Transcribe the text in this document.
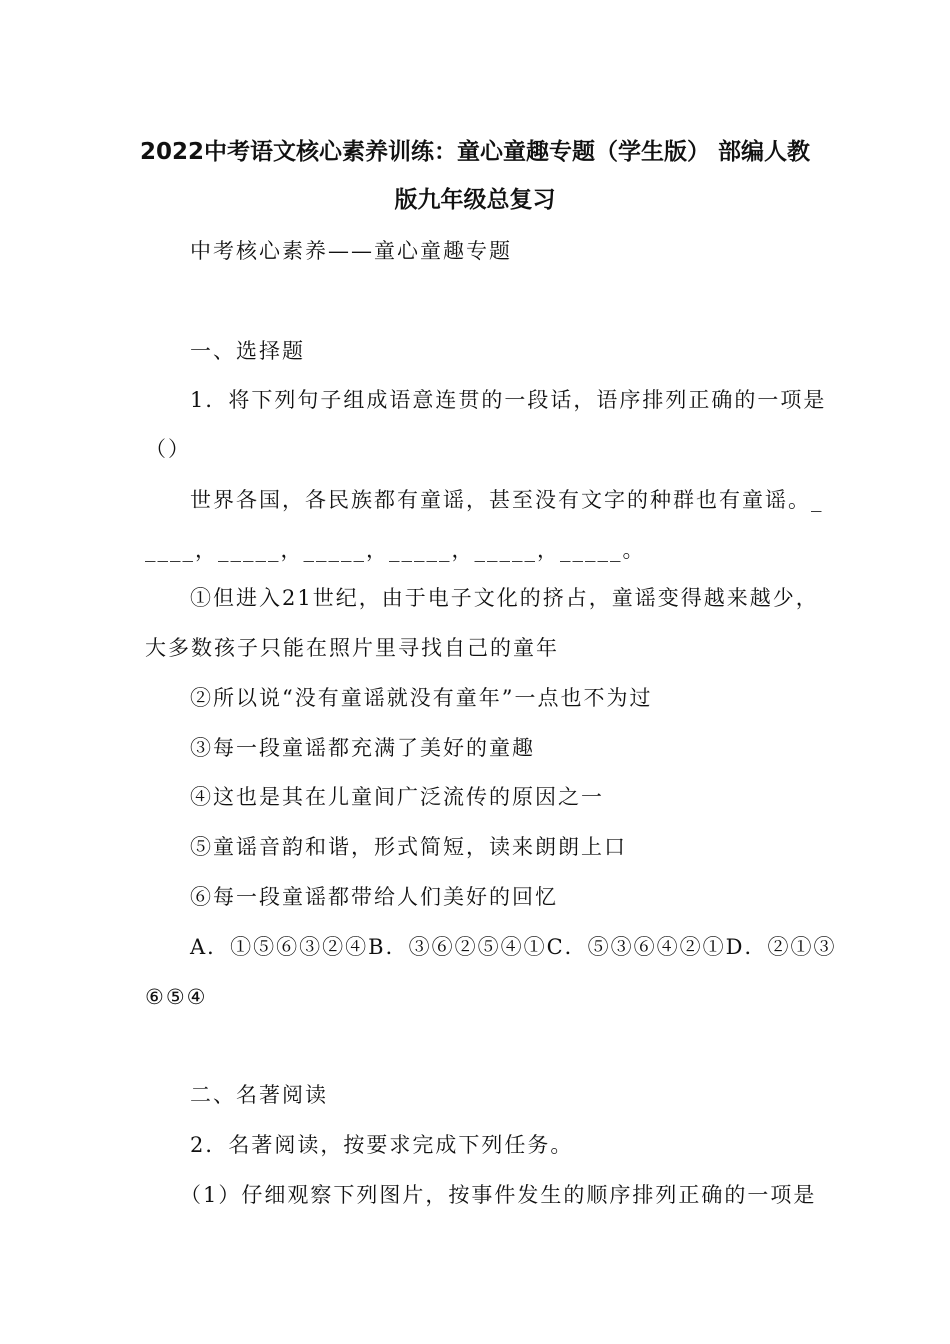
2022中考语文核心素养训练：童心童趣专题（学生版） 部编人教
版九年级总复习
中考核心素养——童心童趣专题
一、选择题
1．将下列句子组成语意连贯的一段话，语序排列正确的一项是
（）
世界各国，各民族都有童谣，甚至没有文字的种群也有童谣。_
____，_____，_____，_____，_____，_____。
①但进入21世纪，由于电子文化的挤占，童谣变得越来越少，
大多数孩子只能在照片里寻找自己的童年
②所以说“没有童谣就没有童年”一点也不为过
③每一段童谣都充满了美好的童趣
④这也是其在儿童间广泛流传的原因之一
⑤童谣音韵和谐，形式简短，读来朗朗上口
⑥每一段童谣都带给人们美好的回忆
A．①⑤⑥③②④B．③⑥②⑤④①C．⑤③⑥④②①D．②①③
⑥⑤④
二、名著阅读
2．名著阅读，按要求完成下列任务。
（1）仔细观察下列图片，按事件发生的顺序排列正确的一项是
